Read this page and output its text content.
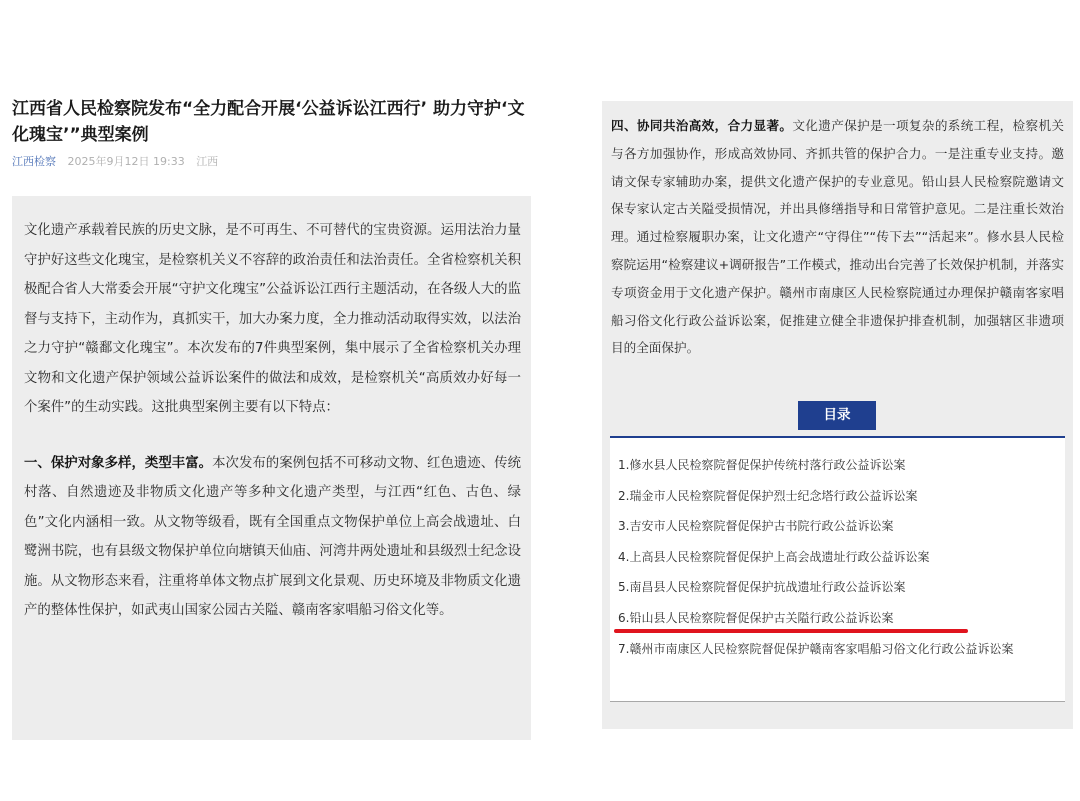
江西省人民检察院发布“全力配合开展‘公益诉讼江西行’ 助力守护‘文化瑰宝’”典型案例
江西检察 2025年9月12日 19:33 江西

文化遗产承载着民族的历史文脉，是不可再生、不可替代的宝贵资源。运用法治力量守护好这些文化瑰宝，是检察机关义不容辞的政治责任和法治责任。全省检察机关积极配合省人大常委会开展“守护文化瑰宝”公益诉讼江西行主题活动，在各级人大的监督与支持下，主动作为，真抓实干，加大办案力度，全力推动活动取得实效，以法治之力守护“赣鄱文化瑰宝”。本次发布的7件典型案例，集中展示了全省检察机关办理文物和文化遗产保护领域公益诉讼案件的做法和成效，是检察机关“高质效办好每一个案件”的生动实践。这批典型案例主要有以下特点：

一、保护对象多样，类型丰富。本次发布的案例包括不可移动文物、红色遗迹、传统村落、自然遗迹及非物质文化遗产等多种文化遗产类型，与江西“红色、古色、绿色”文化内涵相一致。从文物等级看，既有全国重点文物保护单位上高会战遗址、白鹭洲书院，也有县级文物保护单位向塘镇天仙庙、河湾井两处遗址和县级烈士纪念设施。从文物形态来看，注重将单体文物点扩展到文化景观、历史环境及非物质文化遗产的整体性保护，如武夷山国家公园古关隘、赣南客家唱船习俗文化等。

四、协同共治高效，合力显著。文化遗产保护是一项复杂的系统工程，检察机关与各方加强协作，形成高效协同、齐抓共管的保护合力。一是注重专业支持。邀请文保专家辅助办案，提供文化遗产保护的专业意见。铅山县人民检察院邀请文保专家认定古关隘受损情况，并出具修缮指导和日常管护意见。二是注重长效治理。通过检察履职办案，让文化遗产“守得住”“传下去”“活起来”。修水县人民检察院运用“检察建议+调研报告”工作模式，推动出台完善了长效保护机制，并落实专项资金用于文化遗产保护。赣州市南康区人民检察院通过办理保护赣南客家唱船习俗文化行政公益诉讼案，促推建立健全非遗保护排查机制，加强辖区非遗项目的全面保护。

目录
1.修水县人民检察院督促保护传统村落行政公益诉讼案
2.瑞金市人民检察院督促保护烈士纪念塔行政公益诉讼案
3.吉安市人民检察院督促保护古书院行政公益诉讼案
4.上高县人民检察院督促保护上高会战遗址行政公益诉讼案
5.南昌县人民检察院督促保护抗战遗址行政公益诉讼案
6.铅山县人民检察院督促保护古关隘行政公益诉讼案
7.赣州市南康区人民检察院督促保护赣南客家唱船习俗文化行政公益诉讼案
